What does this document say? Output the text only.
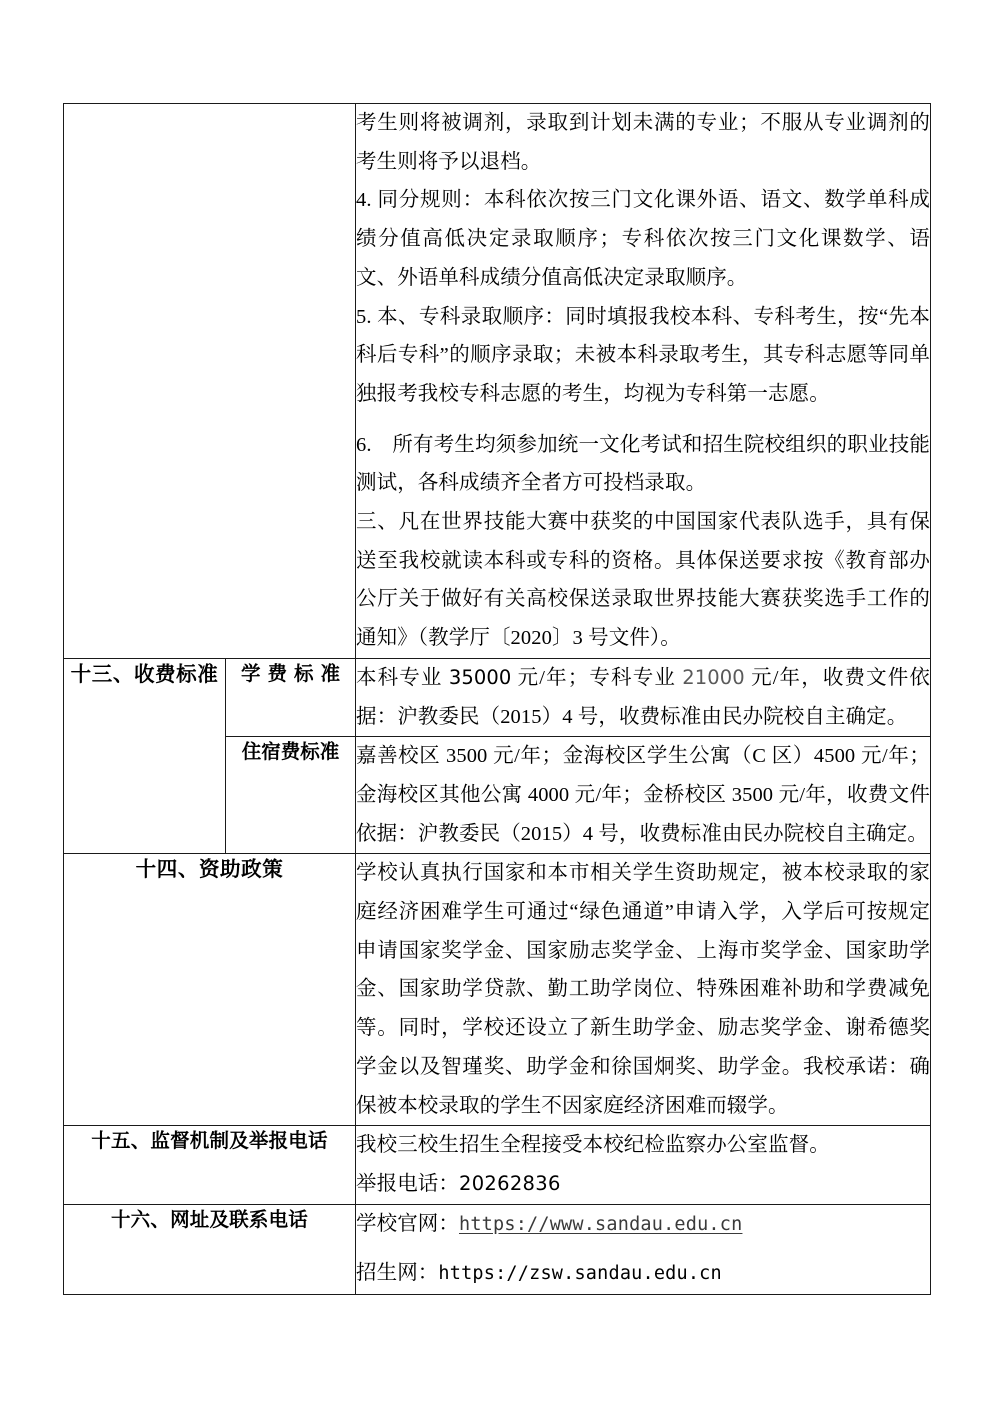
		考生则将被调剂，录取到计划未满的专业；不服从专业调剂的考生则将予以退档。

4. 同分规则：本科依次按三门文化课外语、语文、数学单科成绩分值高低决定录取顺序；专科依次按三门文化课数学、语文、外语单科成绩分值高低决定录取顺序。

5. 本、专科录取顺序：同时填报我校本科、专科考生，按“先本科后专科”的顺序录取；未被本科录取考生，其专科志愿等同单独报考我校专科志愿的考生，均视为专科第一志愿。

6.　所有考生均须参加统一文化考试和招生院校组织的职业技能测试，各科成绩齐全者方可投档录取。

三、凡在世界技能大赛中获奖的中国国家代表队选手，具有保送至我校就读本科或专科的资格。具体保送要求按《教育部办公厅关于做好有关高校保送录取世界技能大赛获奖选手工作的通知》（教学厅〔2020〕3 号文件）。

十三、收费标准	学费标准	本科专业 35000 元/年；专科专业 21000 元/年，收费文件依据：沪教委民（2015）4 号，收费标准由民办院校自主确定。

	住宿费标准	嘉善校区 3500 元/年；金海校区学生公寓（C 区）4500 元/年；金海校区其他公寓 4000 元/年；金桥校区 3500 元/年，收费文件依据：沪教委民（2015）4 号，收费标准由民办院校自主确定。

十四、资助政策		学校认真执行国家和本市相关学生资助规定，被本校录取的家庭经济困难学生可通过“绿色通道”申请入学，入学后可按规定申请国家奖学金、国家励志奖学金、上海市奖学金、国家助学金、国家助学贷款、勤工助学岗位、特殊困难补助和学费减免等。同时，学校还设立了新生助学金、励志奖学金、谢希德奖学金以及智瑾奖、助学金和徐国炯奖、助学金。我校承诺：确保被本校录取的学生不因家庭经济困难而辍学。

十五、监督机制及举报电话		我校三校生招生全程接受本校纪检监察办公室监督。

举报电话：20262836

十六、网址及联系电话		学校官网：https://www.sandau.edu.cn

招生网：https://zsw.sandau.edu.cn
